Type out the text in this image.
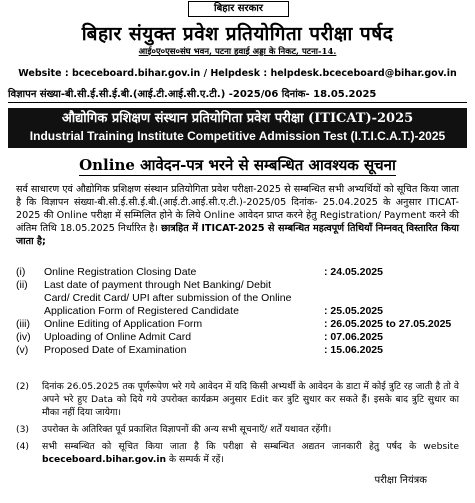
बिहार सरकार
बिहार संयुक्त प्रवेश प्रतियोगिता परीक्षा पर्षद
आई०ए०एस०संघ भवन, पटना हवाई अड्डा के निकट, पटना-14.
Website : bceceboard.bihar.gov.in / Helpdesk : helpdesk.bceceboard@bihar.gov.in
विज्ञापन संख्या-बी.सी.ई.सी.ई.बी.(आई.टी.आई.सी.ए.टी.) -2025/06 दिनांक- 18.05.2025
औद्योगिक प्रशिक्षण संस्थान प्रतियोगिता प्रवेश परीक्षा (ITICAT)-2025
Industrial Training Institute Competitive Admission Test (I.T.I.C.A.T.)-2025
Online आवेदन-पत्र भरने से सम्बन्धित आवश्यक सूचना
सर्व साधारण एवं औद्योगिक प्रशिक्षण संस्थान प्रतियोगिता प्रवेश परीक्षा-2025 से सम्बन्धित सभी अभ्यर्थियों को सूचित किया जाता है कि विज्ञापन संख्या-बी.सी.ई.सी.ई.बी.(आई.टी.आई.सी.ए.टी.)-2025/05 दिनांक- 25.04.2025 के अनुसार ITICAT-2025 की Online परीक्षा में सम्मिलित होने के लिये Online आवेदन प्राप्त करने हेतु Registration/ Payment करने की अंतिम तिथि 18.05.2025 निर्धारित है। छात्रहित में ITICAT-2025 से सम्बन्धित महत्वपूर्ण तिथियाँ निम्नवत् विस्तारित किया जाता है;
(i)	Online Registration Closing Date	: 24.05.2025
(ii)	Last date of payment through Net Banking/ Debit
Card/ Credit Card/ UPI after submission of the Online
Application Form of Registered Candidate	: 25.05.2025
(iii)	Online Editing of Application Form	: 26.05.2025 to 27.05.2025
(iv)	Uploading of Online Admit Card	: 07.06.2025
(v)	Proposed Date of Examination	: 15.06.2025
(2)	दिनांक 26.05.2025 तक पूर्णरूपेण भरे गये आवेदन में यदि किसी अभ्यर्थी के आवेदन के डाटा में कोई त्रुटि रह जाती है तो वे अपने भरे हुए Data को दिये गये उपरोक्त कार्यक्रम अनुसार Edit कर त्रुटि सुधार कर सकते हैं। इसके बाद त्रुटि सुधार का मौका नहीं दिया जायेगा।
(3)	उपरोक्त के अतिरिक्त पूर्व प्रकाशित विज्ञापनों की अन्य सभी सूचनाएँ/ शर्तें यथावत रहेंगी।
(4)	सभी सम्बन्धित को सूचित किया जाता है कि परीक्षा से सम्बन्धित अद्यतन जानकारी हेतु पर्षद के website bceceboard.bihar.gov.in के सम्पर्क में रहें।
परीक्षा नियंत्रक
